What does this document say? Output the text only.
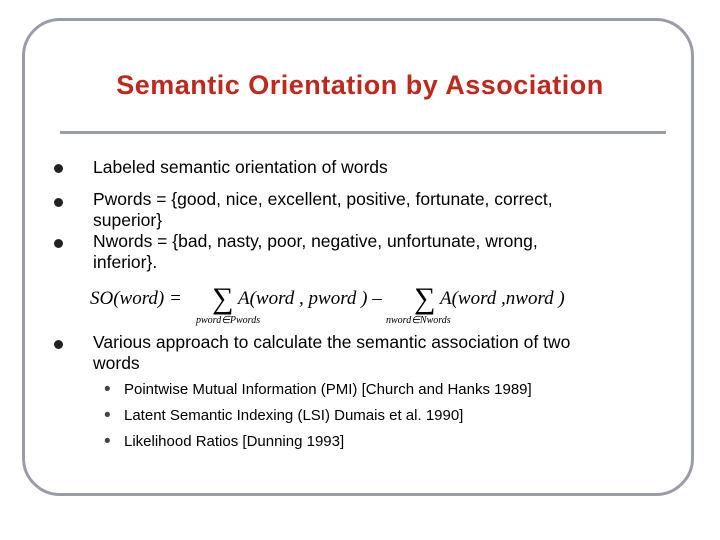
Semantic Orientation by Association
Labeled semantic orientation of words
Pwords = {good, nice, excellent, positive, fortunate, correct,
superior}
Nwords = {bad, nasty, poor, negative, unfortunate, wrong,
inferior}.
SO(word) = ∑ A(word , pword ) –
pword∈Pwords
∑ A(word ,nword )
nword∈Nwords
Various approach to calculate the semantic association of two
words
• Pointwise Mutual Information (PMI) [Church and Hanks 1989]
• Latent Semantic Indexing (LSI) Dumais et al. 1990]
• Likelihood Ratios [Dunning 1993]
